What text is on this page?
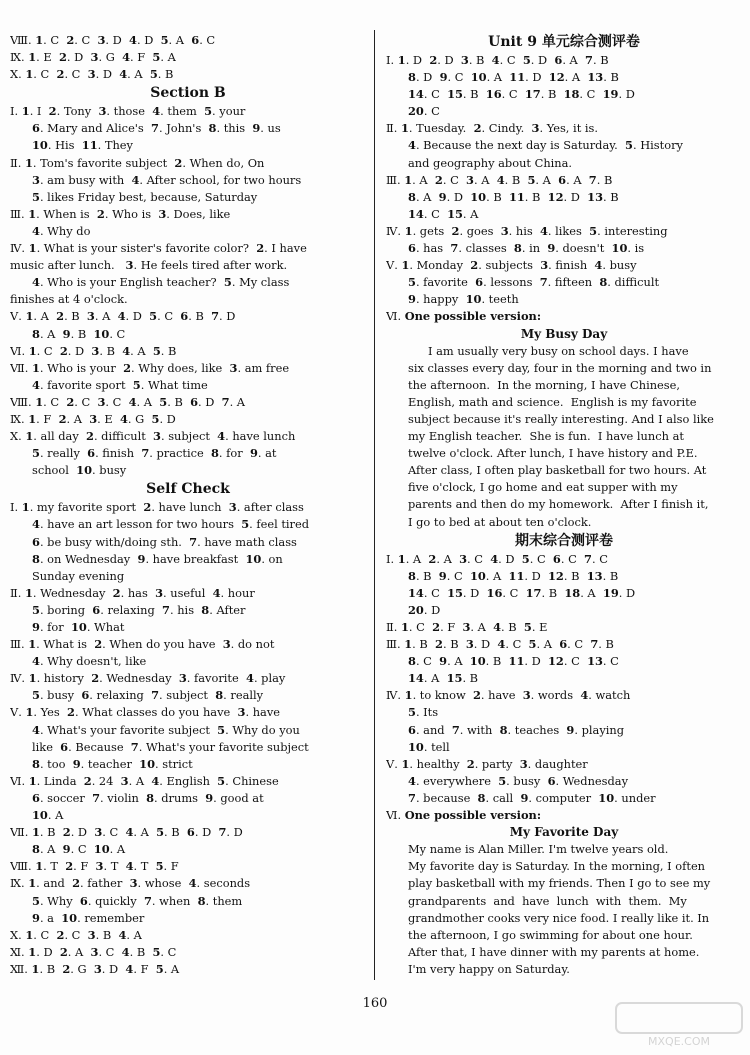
Ⅷ. 1. C  2. C  3. D  4. D  5. A  6. C
Ⅸ. 1. E  2. D  3. G  4. F  5. A
Ⅹ. 1. C  2. C  3. D  4. A  5. B
Section B
Ⅰ. 1. I  2. Tony  3. those  4. them  5. your
6. Mary and Alice's  7. John's  8. this  9. us
10. His  11. They
Ⅱ. 1. Tom's favorite subject  2. When do, On
3. am busy with  4. After school, for two hours
5. likes Friday best, because, Saturday
Ⅲ. 1. When is  2. Who is  3. Does, like
4. Why do
Ⅳ. 1. What is your sister's favorite color?  2. I have
music after lunch.   3. He feels tired after work.
4. Who is your English teacher?  5. My class
finishes at 4 o'clock.
Ⅴ. 1. A  2. B  3. A  4. D  5. C  6. B  7. D
8. A  9. B  10. C
Ⅵ. 1. C  2. D  3. B  4. A  5. B
Ⅶ. 1. Who is your  2. Why does, like  3. am free
4. favorite sport  5. What time
Ⅷ. 1. C  2. C  3. C  4. A  5. B  6. D  7. A
Ⅸ. 1. F  2. A  3. E  4. G  5. D
Ⅹ. 1. all day  2. difficult  3. subject  4. have lunch
5. really  6. finish  7. practice  8. for  9. at
school  10. busy
Self Check
Ⅰ. 1. my favorite sport  2. have lunch  3. after class
4. have an art lesson for two hours  5. feel tired
6. be busy with/doing sth.  7. have math class
8. on Wednesday  9. have breakfast  10. on
Sunday evening
Ⅱ. 1. Wednesday  2. has  3. useful  4. hour
5. boring  6. relaxing  7. his  8. After
9. for  10. What
Ⅲ. 1. What is  2. When do you have  3. do not
4. Why doesn't, like
Ⅳ. 1. history  2. Wednesday  3. favorite  4. play
5. busy  6. relaxing  7. subject  8. really
Ⅴ. 1. Yes  2. What classes do you have  3. have
4. What's your favorite subject  5. Why do you
like  6. Because  7. What's your favorite subject
8. too  9. teacher  10. strict
Ⅵ. 1. Linda  2. 24  3. A  4. English  5. Chinese
6. soccer  7. violin  8. drums  9. good at
10. A
Ⅶ. 1. B  2. D  3. C  4. A  5. B  6. D  7. D
8. A  9. C  10. A
Ⅷ. 1. T  2. F  3. T  4. T  5. F
Ⅸ. 1. and  2. father  3. whose  4. seconds
5. Why  6. quickly  7. when  8. them
9. a  10. remember
Ⅹ. 1. C  2. C  3. B  4. A
Ⅺ. 1. D  2. A  3. C  4. B  5. C
Ⅻ. 1. B  2. G  3. D  4. F  5. A
Unit 9 单元综合测评卷
Ⅰ. 1. D  2. D  3. B  4. C  5. D  6. A  7. B
8. D  9. C  10. A  11. D  12. A  13. B
14. C  15. B  16. C  17. B  18. C  19. D
20. C
Ⅱ. 1. Tuesday.  2. Cindy.  3. Yes, it is.
4. Because the next day is Saturday.  5. History
and geography about China.
Ⅲ. 1. A  2. C  3. A  4. B  5. A  6. A  7. B
8. A  9. D  10. B  11. B  12. D  13. B
14. C  15. A
Ⅳ. 1. gets  2. goes  3. his  4. likes  5. interesting
6. has  7. classes  8. in  9. doesn't  10. is
Ⅴ. 1. Monday  2. subjects  3. finish  4. busy
5. favorite  6. lessons  7. fifteen  8. difficult
9. happy  10. teeth
Ⅵ. One possible version:
My Busy Day
I am usually very busy on school days. I have
six classes every day, four in the morning and two in
the afternoon.  In the morning, I have Chinese,
English, math and science.  English is my favorite
subject because it's really interesting. And I also like
my English teacher.  She is fun.  I have lunch at
twelve o'clock. After lunch, I have history and P.E.
After class, I often play basketball for two hours. At
five o'clock, I go home and eat supper with my
parents and then do my homework.  After I finish it,
I go to bed at about ten o'clock.
期末综合测评卷
Ⅰ. 1. A  2. A  3. C  4. D  5. C  6. C  7. C
8. B  9. C  10. A  11. D  12. B  13. B
14. C  15. D  16. C  17. B  18. A  19. D
20. D
Ⅱ. 1. C  2. F  3. A  4. B  5. E
Ⅲ. 1. B  2. B  3. D  4. C  5. A  6. C  7. B
8. C  9. A  10. B  11. D  12. C  13. C
14. A  15. B
Ⅳ. 1. to know  2. have  3. words  4. watch
5. Its
6. and  7. with  8. teaches  9. playing
10. tell
Ⅴ. 1. healthy  2. party  3. daughter
4. everywhere  5. busy  6. Wednesday
7. because  8. call  9. computer  10. under
Ⅵ. One possible version:
My Favorite Day
My name is Alan Miller. I'm twelve years old.
My favorite day is Saturday. In the morning, I often
play basketball with my friends. Then I go to see my
grandparents  and  have  lunch  with  them.  My
grandmother cooks very nice food. I really like it. In
the afternoon, I go swimming for about one hour.
After that, I have dinner with my parents at home.
I'm very happy on Saturday.
160
MXQE.COM
